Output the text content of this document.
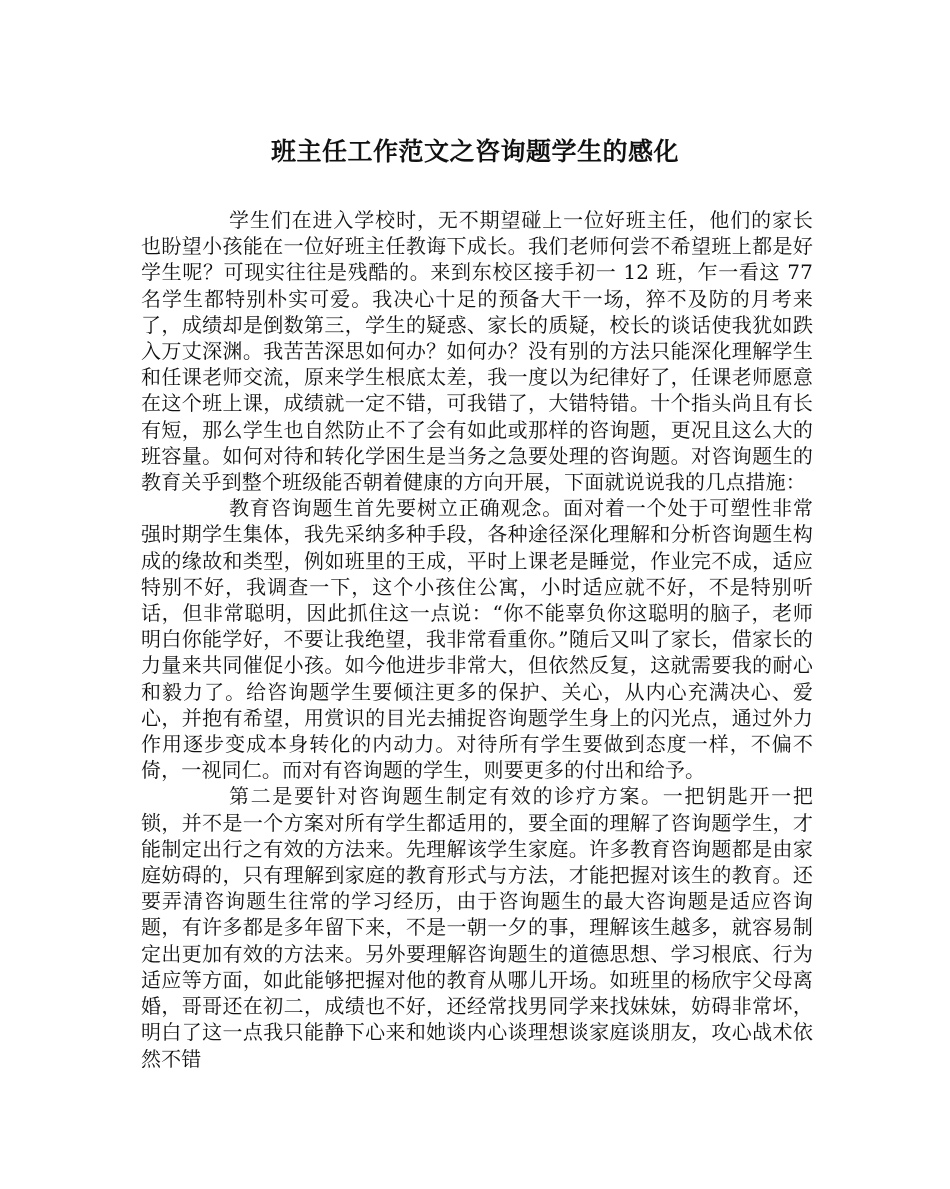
班主任工作范文之咨询题学生的感化

学生们在进入学校时，无不期望碰上一位好班主任，他们的家长也盼望小孩能在一位好班主任教诲下成长。我们老师何尝不希望班上都是好学生呢？可现实往往是残酷的。来到东校区接手初一 12 班，乍一看这 77 名学生都特别朴实可爱。我决心十足的预备大干一场，猝不及防的月考来了，成绩却是倒数第三，学生的疑惑、家长的质疑，校长的谈话使我犹如跌入万丈深渊。我苦苦深思如何办？如何办？没有别的方法只能深化理解学生和任课老师交流，原来学生根底太差，我一度以为纪律好了，任课老师愿意在这个班上课，成绩就一定不错，可我错了，大错特错。十个指头尚且有长有短，那么学生也自然防止不了会有如此或那样的咨询题，更况且这么大的班容量。如何对待和转化学困生是当务之急要处理的咨询题。对咨询题生的教育关乎到整个班级能否朝着健康的方向开展，下面就说说我的几点措施：

教育咨询题生首先要树立正确观念。面对着一个处于可塑性非常强时期学生集体，我先采纳多种手段，各种途径深化理解和分析咨询题生构成的缘故和类型，例如班里的王成，平时上课老是睡觉，作业完不成，适应特别不好，我调查一下，这个小孩住公寓，小时适应就不好，不是特别听话，但非常聪明，因此抓住这一点说：“你不能辜负你这聪明的脑子，老师明白你能学好，不要让我绝望，我非常看重你。”随后又叫了家长，借家长的力量来共同催促小孩。如今他进步非常大，但依然反复，这就需要我的耐心和毅力了。给咨询题学生要倾注更多的保护、关心，从内心充满决心、爱心，并抱有希望，用赏识的目光去捕捉咨询题学生身上的闪光点，通过外力作用逐步变成本身转化的内动力。对待所有学生要做到态度一样，不偏不倚，一视同仁。而对有咨询题的学生，则要更多的付出和给予。

第二是要针对咨询题生制定有效的诊疗方案。一把钥匙开一把锁，并不是一个方案对所有学生都适用的，要全面的理解了咨询题学生，才能制定出行之有效的方法来。先理解该学生家庭。许多教育咨询题都是由家庭妨碍的，只有理解到家庭的教育形式与方法，才能把握对该生的教育。还要弄清咨询题生往常的学习经历，由于咨询题生的最大咨询题是适应咨询题，有许多都是多年留下来，不是一朝一夕的事，理解该生越多，就容易制定出更加有效的方法来。另外要理解咨询题生的道德思想、学习根底、行为适应等方面，如此能够把握对他的教育从哪儿开场。如班里的杨欣宇父母离婚，哥哥还在初二，成绩也不好，还经常找男同学来找妹妹，妨碍非常坏，明白了这一点我只能静下心来和她谈内心谈理想谈家庭谈朋友，攻心战术依然不错
